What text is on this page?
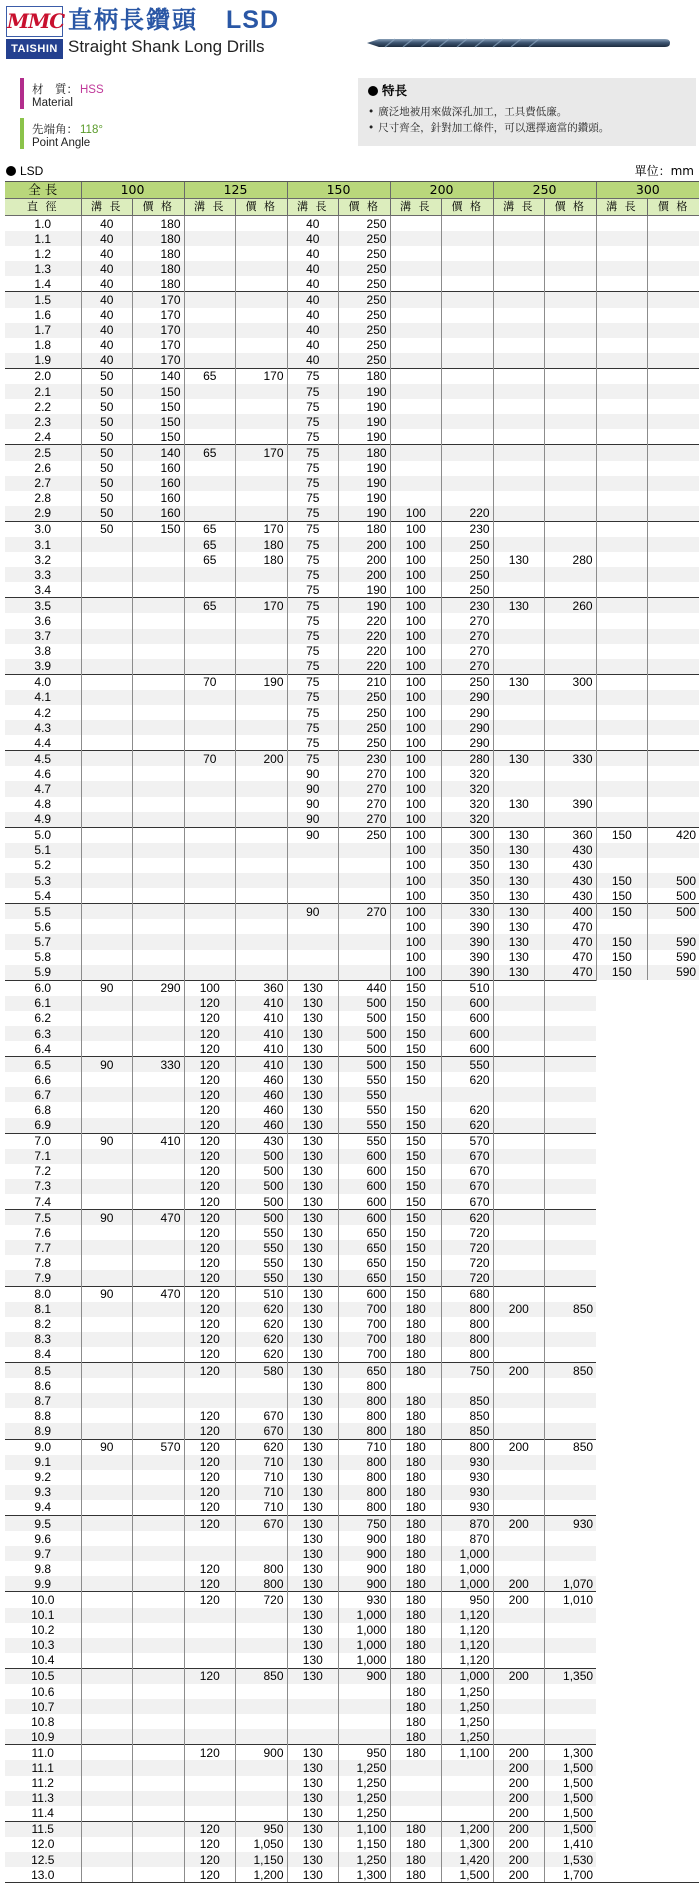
MMC
TAISHIN
直柄長鑽頭 LSD
Straight Shank Long Drills
材　質： HSS
Material
先端角： 118°
Point Angle
特長
• 廣泛地被用來做深孔加工，工具費低廉。
• 尺寸齊全，針對加工條件，可以選擇適當的鑽頭。
LSD	單位：mm
全 長	100		125		150		200		250		300	
直 徑	溝 長	價 格	溝 長	價 格	溝 長	價 格	溝 長	價 格	溝 長	價 格	溝 長	價 格
1.0	40	180			40	250						
1.1	40	180			40	250						
1.2	40	180			40	250						
1.3	40	180			40	250						
1.4	40	180			40	250						
1.5	40	170			40	250						
1.6	40	170			40	250						
1.7	40	170			40	250						
1.8	40	170			40	250						
1.9	40	170			40	250						
2.0	50	140	65	170	75	180						
2.1	50	150			75	190						
2.2	50	150			75	190						
2.3	50	150			75	190						
2.4	50	150			75	190						
2.5	50	140	65	170	75	180						
2.6	50	160			75	190						
2.7	50	160			75	190						
2.8	50	160			75	190						
2.9	50	160			75	190	100	220				
3.0	50	150	65	170	75	180	100	230				
3.1			65	180	75	200	100	250				
3.2			65	180	75	200	100	250	130	280		
3.3					75	200	100	250				
3.4					75	190	100	250				
3.5			65	170	75	190	100	230	130	260		
3.6					75	220	100	270				
3.7					75	220	100	270				
3.8					75	220	100	270				
3.9					75	220	100	270				
4.0			70	190	75	210	100	250	130	300		
4.1					75	250	100	290				
4.2					75	250	100	290				
4.3					75	250	100	290				
4.4					75	250	100	290				
4.5			70	200	75	230	100	280	130	330		
4.6					90	270	100	320				
4.7					90	270	100	320				
4.8					90	270	100	320	130	390		
4.9					90	270	100	320				
5.0					90	250	100	300	130	360	150	420
5.1							100	350	130	430		
5.2							100	350	130	430		
5.3							100	350	130	430	150	500
5.4							100	350	130	430	150	500
5.5					90	270	100	330	130	400	150	500
5.6							100	390	130	470		
5.7							100	390	130	470	150	590
5.8							100	390	130	470	150	590
5.9							100	390	130	470	150	590
6.0	90	290	100	360	130	440	150	510				
6.1			120	410	130	500	150	600				
6.2			120	410	130	500	150	600				
6.3			120	410	130	500	150	600				
6.4			120	410	130	500	150	600				
6.5	90	330	120	410	130	500	150	550				
6.6			120	460	130	550	150	620				
6.7			120	460	130	550						
6.8			120	460	130	550	150	620				
6.9			120	460	130	550	150	620				
7.0	90	410	120	430	130	550	150	570				
7.1			120	500	130	600	150	670				
7.2			120	500	130	600	150	670				
7.3			120	500	130	600	150	670				
7.4			120	500	130	600	150	670				
7.5	90	470	120	500	130	600	150	620				
7.6			120	550	130	650	150	720				
7.7			120	550	130	650	150	720				
7.8			120	550	130	650	150	720				
7.9			120	550	130	650	150	720				
8.0	90	470	120	510	130	600	150	680				
8.1			120	620	130	700	180	800	200	850		
8.2			120	620	130	700	180	800				
8.3			120	620	130	700	180	800				
8.4			120	620	130	700	180	800				
8.5			120	580	130	650	180	750	200	850		
8.6					130	800						
8.7					130	800	180	850				
8.8			120	670	130	800	180	850				
8.9			120	670	130	800	180	850				
9.0	90	570	120	620	130	710	180	800	200	850		
9.1			120	710	130	800	180	930				
9.2			120	710	130	800	180	930				
9.3			120	710	130	800	180	930				
9.4			120	710	130	800	180	930				
9.5			120	670	130	750	180	870	200	930		
9.6					130	900	180	870				
9.7					130	900	180	1,000				
9.8			120	800	130	900	180	1,000				
9.9			120	800	130	900	180	1,000	200	1,070		
10.0			120	720	130	930	180	950	200	1,010		
10.1					130	1,000	180	1,120				
10.2					130	1,000	180	1,120				
10.3					130	1,000	180	1,120				
10.4					130	1,000	180	1,120				
10.5			120	850	130	900	180	1,000	200	1,350		
10.6							180	1,250				
10.7							180	1,250				
10.8							180	1,250				
10.9							180	1,250				
11.0			120	900	130	950	180	1,100	200	1,300		
11.1					130	1,250			200	1,500		
11.2					130	1,250			200	1,500		
11.3					130	1,250			200	1,500		
11.4					130	1,250			200	1,500		
11.5			120	950	130	1,100	180	1,200	200	1,500		
12.0			120	1,050	130	1,150	180	1,300	200	1,410		
12.5			120	1,150	130	1,250	180	1,420	200	1,530		
13.0			120	1,200	130	1,300	180	1,500	200	1,700		
